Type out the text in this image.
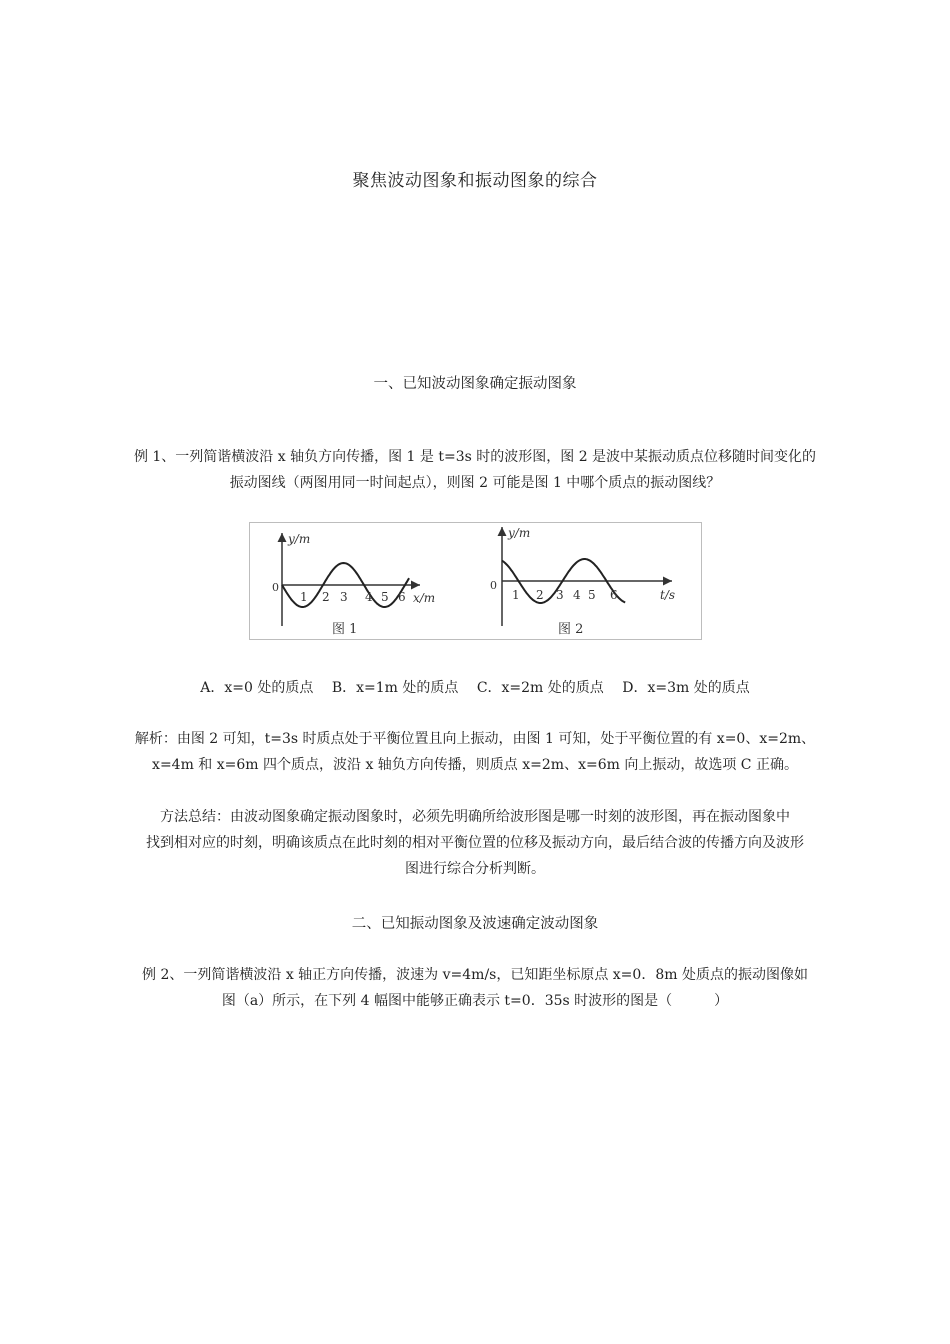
聚焦波动图象和振动图象的综合
一、已知波动图象确定振动图象
例 1、一列简谐横波沿 x 轴负方向传播，图 1 是 t=3s 时的波形图，图 2 是波中某振动质点位移随时间变化的
振动图线（两图用同一时间起点），则图 2 可能是图 1 中哪个质点的振动图线？
y/m
0
1 2 3 4 5 6 x/m
图 1
y/m
0
1 2 3 4 5 6	t/s
图 2
A．x=0 处的质点 B．x=1m 处的质点 C．x=2m 处的质点 D．x=3m 处的质点
解析：由图 2 可知，t=3s 时质点处于平衡位置且向上振动，由图 1 可知，处于平衡位置的有 x=0、x=2m、
x=4m 和 x=6m 四个质点，波沿 x 轴负方向传播，则质点 x=2m、x=6m 向上振动，故选项 C 正确。
方法总结：由波动图象确定振动图象时，必须先明确所给波形图是哪一时刻的波形图，再在振动图象中
找到相对应的时刻，明确该质点在此时刻的相对平衡位置的位移及振动方向，最后结合波的传播方向及波形
图进行综合分析判断。
二、已知振动图象及波速确定波动图象
例 2、一列简谐横波沿 x 轴正方向传播，波速为 v=4m/s，已知距坐标原点 x=0．8m 处质点的振动图像如
图（a）所示，在下列 4 幅图中能够正确表示 t=0．35s 时波形的图是（　　　）
